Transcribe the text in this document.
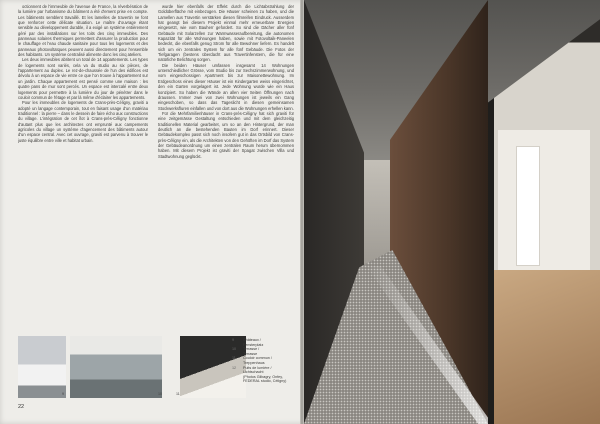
octionnent de l'immeuble de l'avenue de France, la réverbération de la lumière par l'urbanisme du bâtiment a été d'ement prise en compte. Les bâtiments semblent travaillé. Et les lamelles de travertin ne font que renforcer cette délicate situation. Le maître d'ouvrage étant sensible au développement durable, il a exigé un système entièrement géré par des installations sur les toits des cinq immeubles. Des panneaux solaires thermiques permettent d'assurer la production pour le chauffage et l'eau chaude sanitaire pour tous les logements et des panneaux photovoltaïques peuvent aussi directement pour l'ensemble des habitants. Un système centralisé alimente donc les cinq ateliers.

Les deux immeubles abritent un total de 14 appartements. Les types de logements sont variés, cela va du studio au six pièces, de l'appartement au duplex. Le rez-de-chaussée de l'un des édifices est dévolu à un espace de vie entre ce que l'on trouve à l'appartement sur un jardin. Chaque appartement est pensé comme une maison : les quatre pans de mur sont percés. Un espace est intercalé entre deux logements pour permettre à la lumière du jour de pénétrer dans le couloir commun de l'étage et par là même d'éclairer les appartements.

Pour les immeubles de logements de Crans-près-Céligny, graviti a adopté un langage contemporain, tout en faisant usage d'un matériau traditionnel : la pierre – dans le dessein de faire écho aux constructions du village. L'intégration de cet îlot à Crans-près-Céligny fonctionne d'autant plus que les architectes ont emprunté aux campements agricoles du village un système d'agencement des bâtiments autour d'un espace central. Avec cet ouvrage, graviti est parvenu à trouver le juste équilibre entre ville et habitat urbain.

wurde hier ebenfalls der Effekt durch die Lichtabstrahlung der Goldüberfläche mit einbezogen. Die Häuser scheinen zu haben, und die Lamellen aus Travertin verstärken diesen filmreifen Eindruck. Ausserdem hat geangt bei diesem Projekt einmal mehr erneuerbare Energien eingesetzt, wie vom Bauherr gefordert. So sind die Dächer aller fünf Gebäude mit Solarzellen zur Warmwasseraufbereitung, die autonomen Kapazität für alle Wohnungen haben, sowie mit Fotovoltaik-Paneelen bedeckt, die ebenfalls genug Strom für alle Bewohner liefern. Es handelt sich um ein zentrales System für alle fünf Gebäude. Die Fotos der Tiefgaragen (bestens überdacht aus Travertinfenstern, die für eine natürliche Belichtung sorgen.

Die beiden Häuser umfassen insgesamt 14 Wohnungen unterschiedlicher Grösse, vom Studio bis zur Sechszimmerwohnung, und vom eingeschossigen Apartment bis zur Maisonettewohnung. Im Erdgeschoss eines dieser Häuser ist ein Kindergarten weiss eingerichtet, den ein Garten vorgelagert ist. Jede Wohnung wurde wie ein Haus konzipiert. So haben die Wände an allen vier Seiten Öffnungen nach draussen. Immer zwei von zwei Wohnungen ist jeweils ein Gang eingeschoben, so dass das Tageslicht in diesen gemeinsamen Stockwerksfluren einfallen und von dort aus die Wohnungen erhellen kann.

Für die Mehrfamilienhäuser in Crans-près-Céligny hat sich graviti für eine zeitgemässe Gestaltung entschieden und mit dem gleichzeitig traditionellen Material gearbeitet, um so an den Hintergrund, der man deutlich an die bestehenden Bauten im Dorf erinnert. Dieser Gebäudekomplex passt sich noch insofern gut in das Ortsbild von Crans-près-Céligny ein, als die Architekten von den Gehöften im Dorf das System der Gebäudeanordnung um einen zentralen Raum herum übernommen haben. Mit diesem Projekt ist graviti der Spagat zwischen Villa und Stadtwohnung geglückt.

9	10	11
9	Châteaux /
Fensterplatz
10	Terrasse /
Terrasse
11	Couloir commun /
Treppenhaus
12	Puits de lumière /
Lichtschacht
(Photos Gilbagry, Onfey, FEDERAL studio, Céligny)
22
